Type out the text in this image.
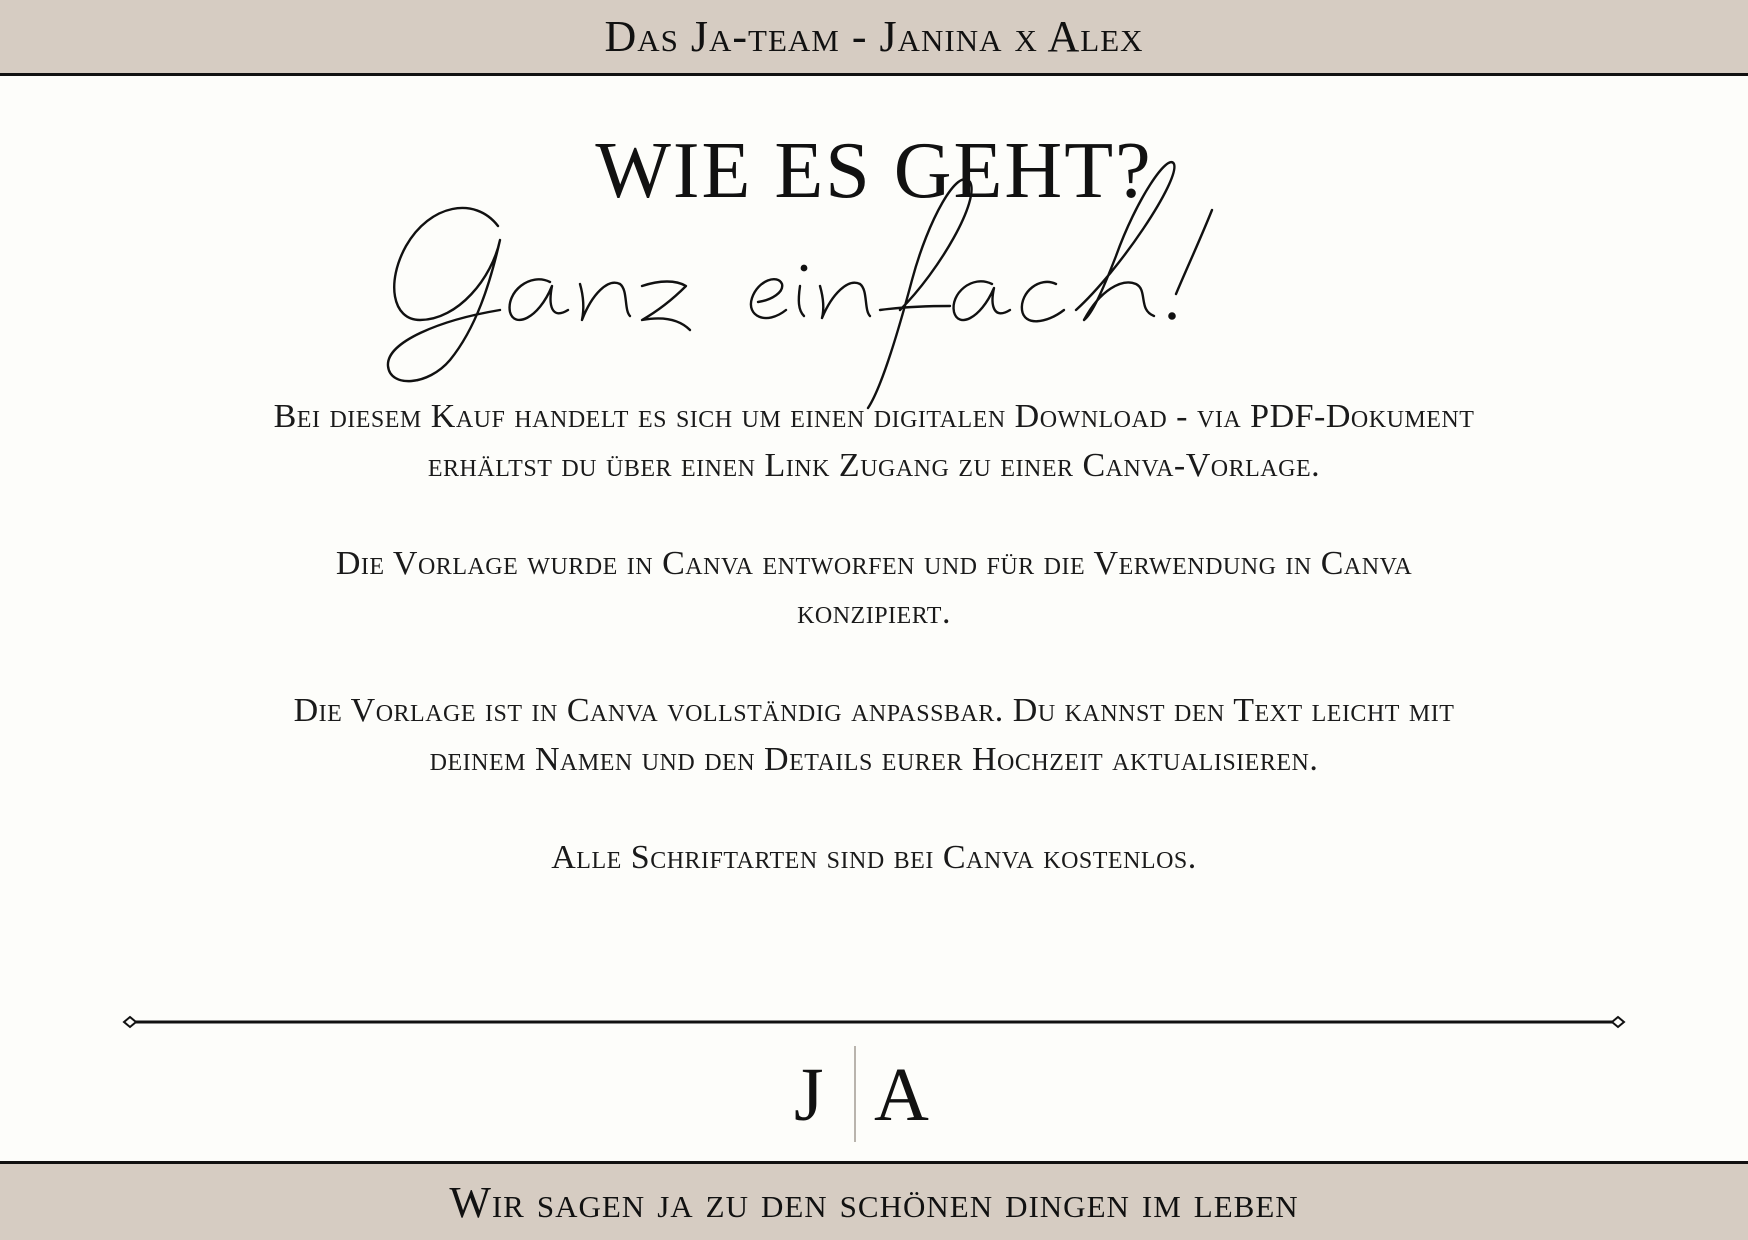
Das Ja-team - Janina x Alex
WIE ES GEHT?

Bei diesem Kauf handelt es sich um einen digitalen Download - via PDF-Dokument erhältst du über einen Link Zugang zu einer Canva-Vorlage.

Die Vorlage wurde in Canva entworfen und für die Verwendung in Canva konzipiert.

Die Vorlage ist in Canva vollständig anpassbar. Du kannst den Text leicht mit deinem Namen und den Details eurer Hochzeit aktualisieren.

Alle Schriftarten sind bei Canva kostenlos.

J A
Wir sagen ja zu den schönen dingen im leben
